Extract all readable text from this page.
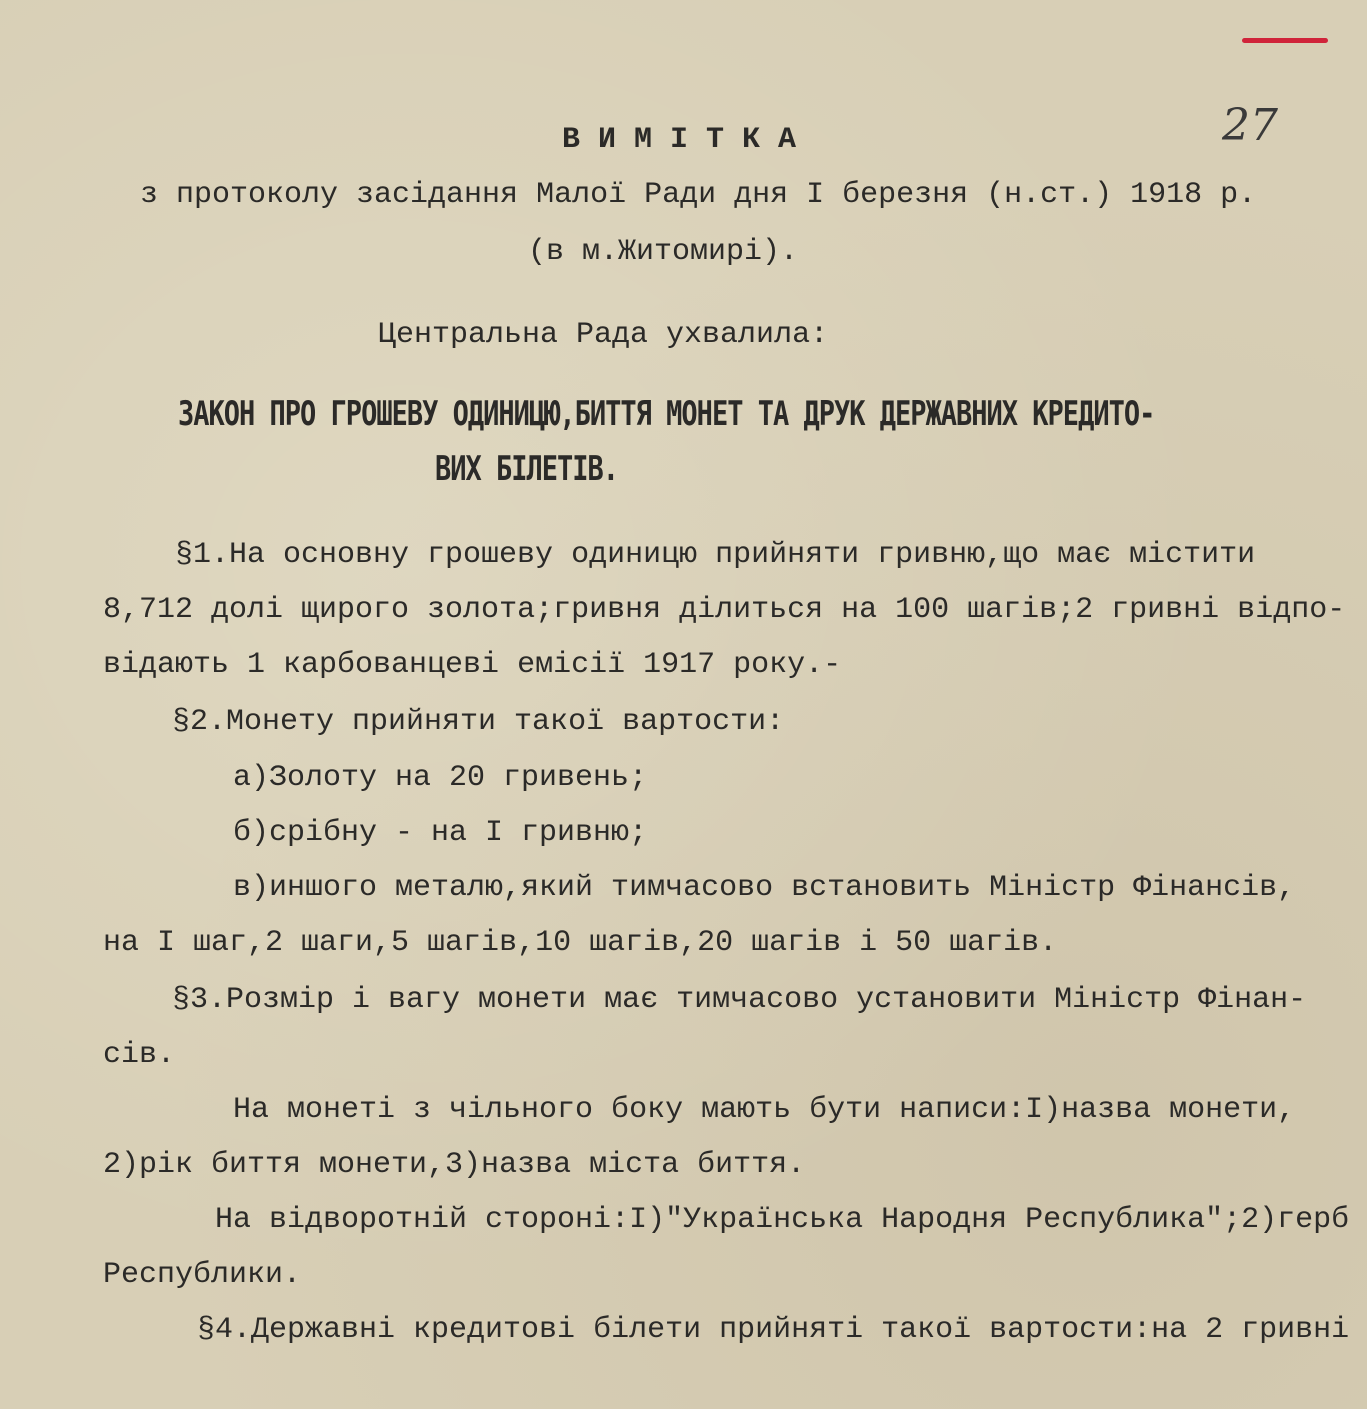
27
ВИМІТКА
з протоколу засідання Малої Ради дня І березня (н.ст.) 1918 р.
(в м.Житомирі).
Центральна Рада ухвалила:
ЗАКОН ПРО ГРОШЕВУ ОДИНИЦЮ,БИТТЯ МОНЕТ ТА ДРУК ДЕРЖАВНИХ КРЕДИТО-
ВИХ БІЛЕТІВ.
§1.На основну грошеву одиницю прийняти гривню,що має містити
8,712 долі щирого золота;гривня ділиться на 100 шагів;2 гривні відпо-
відають 1 карбованцеві емісії 1917 року.-
§2.Монету прийняти такої вартости:
а)Золоту на 20 гривень;
б)срібну - на І гривню;
в)иншого металю,який тимчасово встановить Міністр Фінансів,
на І шаг,2 шаги,5 шагів,10 шагів,20 шагів і 50 шагів.
§3.Розмір і вагу монети має тимчасово установити Міністр Фінан-
сів.
На монеті з чільного боку мають бути написи:І)назва монети,
2)рік биття монети,3)назва міста биття.
На відворотній стороні:І)"Українська Народня Республика";2)герб
Республики.
§4.Державні кредитові білети прийняті такої вартости:на 2 гривні
